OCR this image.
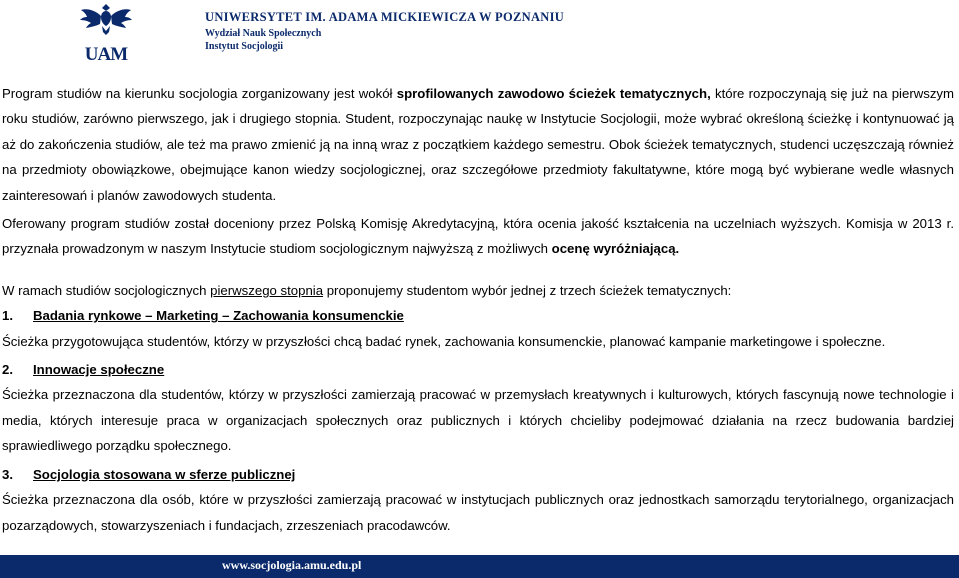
UAM
UNIWERSYTET IM. ADAMA MICKIEWICZA W POZNANIU
Wydział Nauk Społecznych
Instytut Socjologii

Program studiów na kierunku socjologia zorganizowany jest wokół sprofilowanych zawodowo ścieżek tematycznych, które rozpoczynają się już na pierwszym roku studiów, zarówno pierwszego, jak i drugiego stopnia. Student, rozpoczynając naukę w Instytucie Socjologii, może wybrać określoną ścieżkę i kontynuować ją aż do zakończenia studiów, ale też ma prawo zmienić ją na inną wraz z początkiem każdego semestru. Obok ścieżek tematycznych, studenci uczęszczają również na przedmioty obowiązkowe, obejmujące kanon wiedzy socjologicznej, oraz szczegółowe przedmioty fakultatywne, które mogą być wybierane wedle własnych zainteresowań i planów zawodowych studenta.

Oferowany program studiów został doceniony przez Polską Komisję Akredytacyjną, która ocenia jakość kształcenia na uczelniach wyższych. Komisja w 2013 r. przyznała prowadzonym w naszym Instytucie studiom socjologicznym najwyższą z możliwych ocenę wyróżniającą.

W ramach studiów socjologicznych pierwszego stopnia proponujemy studentom wybór jednej z trzech ścieżek tematycznych:

1. Badania rynkowe – Marketing – Zachowania konsumenckie

Ścieżka przygotowująca studentów, którzy w przyszłości chcą badać rynek, zachowania konsumenckie, planować kampanie marketingowe i społeczne.

2. Innowacje społeczne

Ścieżka przeznaczona dla studentów, którzy w przyszłości zamierzają pracować w przemysłach kreatywnych i kulturowych, których fascynują nowe technologie i media, których interesuje praca w organizacjach społecznych oraz publicznych i których chcieliby podejmować działania na rzecz budowania bardziej sprawiedliwego porządku społecznego.

3. Socjologia stosowana w sferze publicznej

Ścieżka przeznaczona dla osób, które w przyszłości zamierzają pracować w instytucjach publicznych oraz jednostkach samorządu terytorialnego, organizacjach pozarządowych, stowarzyszeniach i fundacjach, zrzeszeniach pracodawców.

www.socjologia.amu.edu.pl
